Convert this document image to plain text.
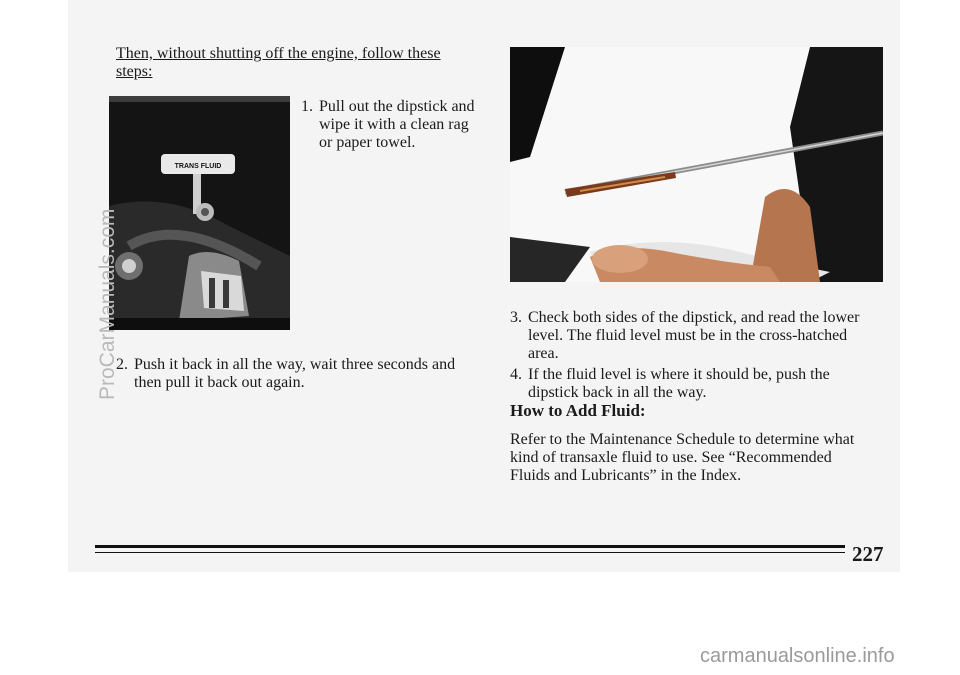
Then, without shutting off the engine, follow these steps:

TRANS FLUID
1. Pull out the dipstick and wipe it with a clean rag or paper towel.
2. Push it back in all the way, wait three seconds and then pull it back out again.
3. Check both sides of the dipstick, and read the lower level. The fluid level must be in the cross-hatched area.
4. If the fluid level is where it should be, push the dipstick back in all the way.
How to Add Fluid:

Refer to the Maintenance Schedule to determine what kind of transaxle fluid to use. See “Recommended Fluids and Lubricants” in the Index.

227
ProCarManuals.com
carmanualsonline.info
